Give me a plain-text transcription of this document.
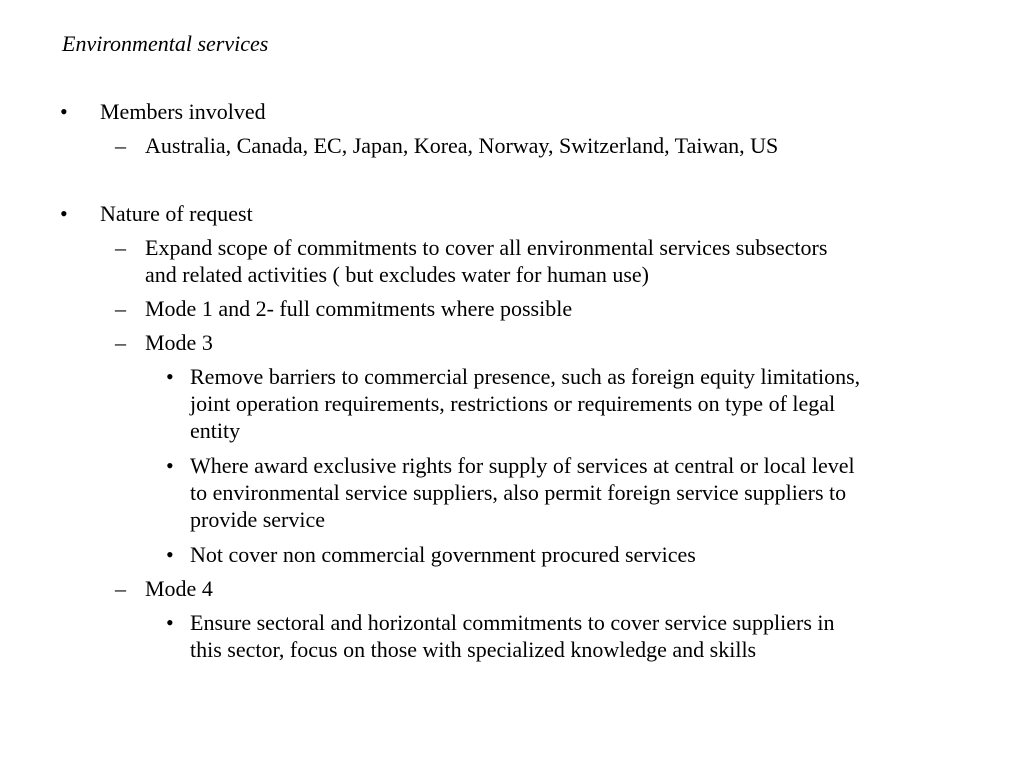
Environmental services
• Members involved
– Australia, Canada, EC, Japan, Korea, Norway, Switzerland, Taiwan, US
• Nature of request
– Expand scope of commitments to cover all environmental services subsectors
and related activities ( but excludes water for human use)
– Mode 1 and 2- full commitments where possible
– Mode 3
• Remove barriers to commercial presence, such as foreign equity limitations,
joint operation requirements, restrictions or requirements on type of legal
entity
• Where award exclusive rights for supply of services at central or local level
to environmental service suppliers, also permit foreign service suppliers to
provide service
• Not cover non commercial government procured services
– Mode 4
• Ensure sectoral and horizontal commitments to cover service suppliers in
this sector, focus on those with specialized knowledge and skills
